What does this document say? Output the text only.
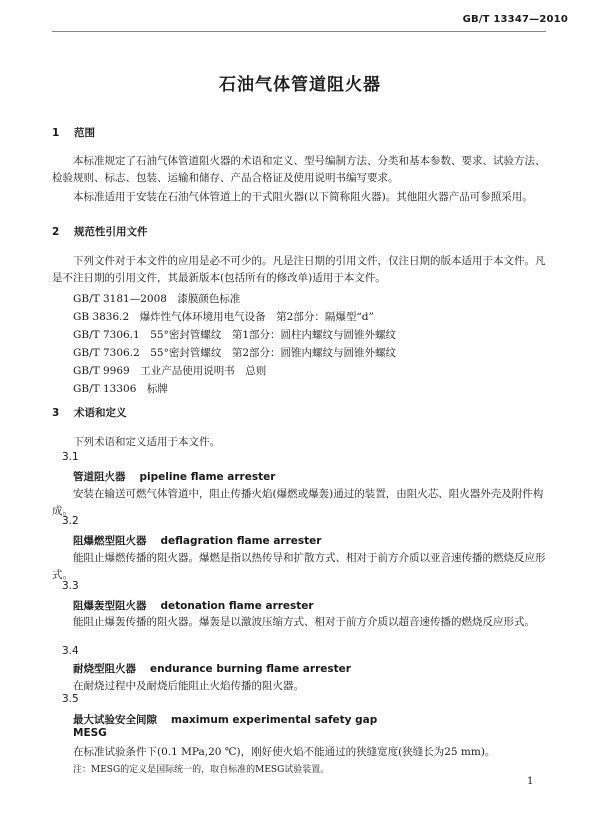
GB/T 13347—2010
石油气体管道阻火器
1 范围
本标准规定了石油气体管道阻火器的术语和定义、型号编制方法、分类和基本参数、要求、试验方法、检验规则、标志、包装、运输和储存、产品合格证及使用说明书编写要求。
本标准适用于安装在石油气体管道上的干式阻火器(以下简称阻火器)。其他阻火器产品可参照采用。
2 规范性引用文件
下列文件对于本文件的应用是必不可少的。凡是注日期的引用文件，仅注日期的版本适用于本文件。凡是不注日期的引用文件，其最新版本(包括所有的修改单)适用于本文件。
GB/T 3181—2008　漆膜颜色标准
GB 3836.2　爆炸性气体环境用电气设备　第2部分：隔爆型“d”
GB/T 7306.1　55°密封管螺纹　第1部分：圆柱内螺纹与圆锥外螺纹
GB/T 7306.2　55°密封管螺纹　第2部分：圆锥内螺纹与圆锥外螺纹
GB/T 9969　工业产品使用说明书　总则
GB/T 13306　标牌
3 术语和定义
下列术语和定义适用于本文件。
3.1
管道阻火器 pipeline flame arrester
安装在输送可燃气体管道中，阻止传播火焰(爆燃或爆轰)通过的装置，由阻火芯、阻火器外壳及附件构成。
3.2
阻爆燃型阻火器 deflagration flame arrester
能阻止爆燃传播的阻火器。爆燃是指以热传导和扩散方式、相对于前方介质以亚音速传播的燃烧反应形式。
3.3
阻爆轰型阻火器 detonation flame arrester
能阻止爆轰传播的阻火器。爆轰是以激波压缩方式、相对于前方介质以超音速传播的燃烧反应形式。
3.4
耐烧型阻火器 endurance burning flame arrester
在耐烧过程中及耐烧后能阻止火焰传播的阻火器。
3.5
最大试验安全间隙 maximum experimental safety gap
MESG
在标准试验条件下(0.1 MPa,20 ℃)，刚好使火焰不能通过的狭缝宽度(狭缝长为25 mm)。
注：MESG的定义是国际统一的，取自标准的MESG试验装置。
1
